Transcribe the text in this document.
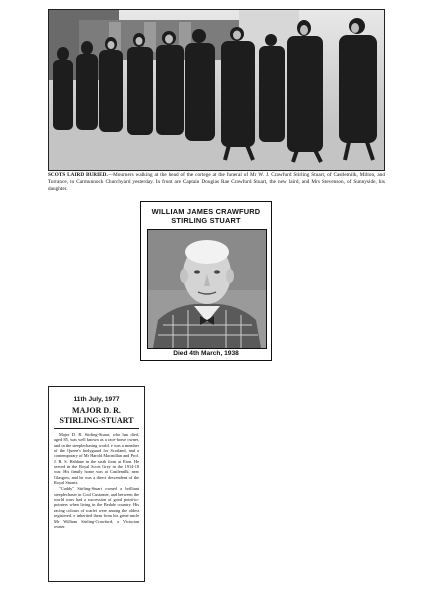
SCOTS LAIRD BURIED.—Mourners walking at the head of the cortege at the funeral of Mr W. J. Crawfurd Stirling Stuart, of Castlemilk, Milton, and Torrance, to Carmunnock Churchyard yesterday. In front are Captain Douglas Rae Crawfurd Stuart, the new laird, and Mrs Stevenson, of Sunnyside, his daughter.
WILLIAM JAMES CRAWFURD
STIRLING STUART
Died 4th March, 1938
11th July, 1977
MAJOR D. R.
STIRLING-STUART

Major D. R. Stirling-Stuart, who has died, aged 85, was well known as a race-horse owner, and in the steeplechasing world. e was a member of the Queen's bodyguard for Scotland, and a contemporary of Mr Harold Macmillan and Prof. J. B. S. Haldane in the sixth form at Eton. He served in the Royal Scots Grey in the 1914-18 war. His family home was at Castlemilk, near Glasgow, and he was a direct descendent of the Royal Stuarts.

"Cuddy" Stirling-Stuart owned a brilliant steeplechaser in Cool Customer, and between the world wars had a succession of good point-to-pointers when living in the Bedale country. His racing colours of scarlet were among the oldest registered. e inherited them from his great-uncle Mr William Stirling-Crawfurd, a Victorian owner.
